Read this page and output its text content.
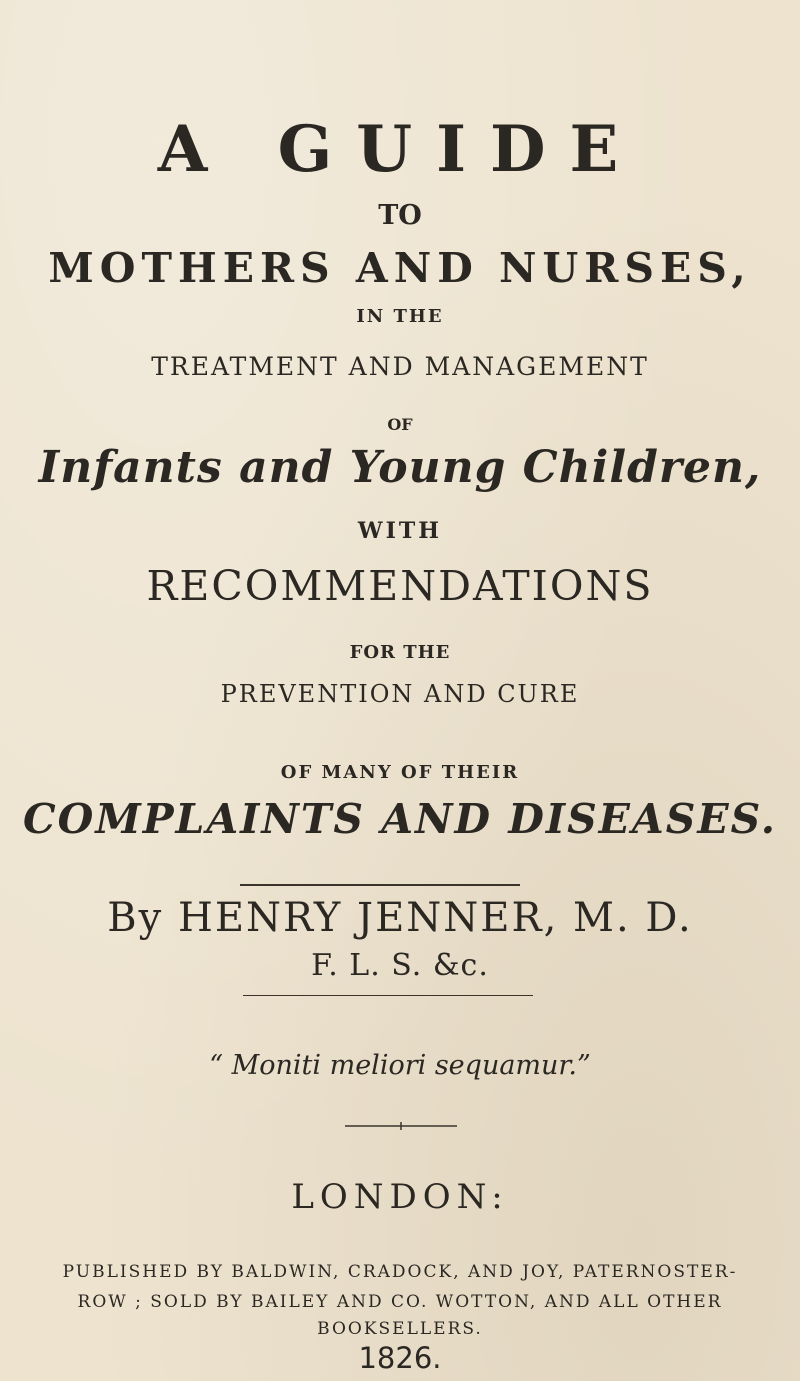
A GUIDE
TO
MOTHERS AND NURSES,
IN THE
TREATMENT AND MANAGEMENT
OF
Infants and Young Children,
WITH
RECOMMENDATIONS
FOR THE
PREVENTION AND CURE
OF MANY OF THEIR
COMPLAINTS AND DISEASES.
By HENRY JENNER, M. D.
F. L. S. &c.
“ Moniti meliori sequamur.”
LONDON:
PUBLISHED BY BALDWIN, CRADOCK, AND JOY, PATERNOSTER-
ROW ; SOLD BY BAILEY AND CO. WOTTON, AND ALL OTHER
BOOKSELLERS.
1826.
